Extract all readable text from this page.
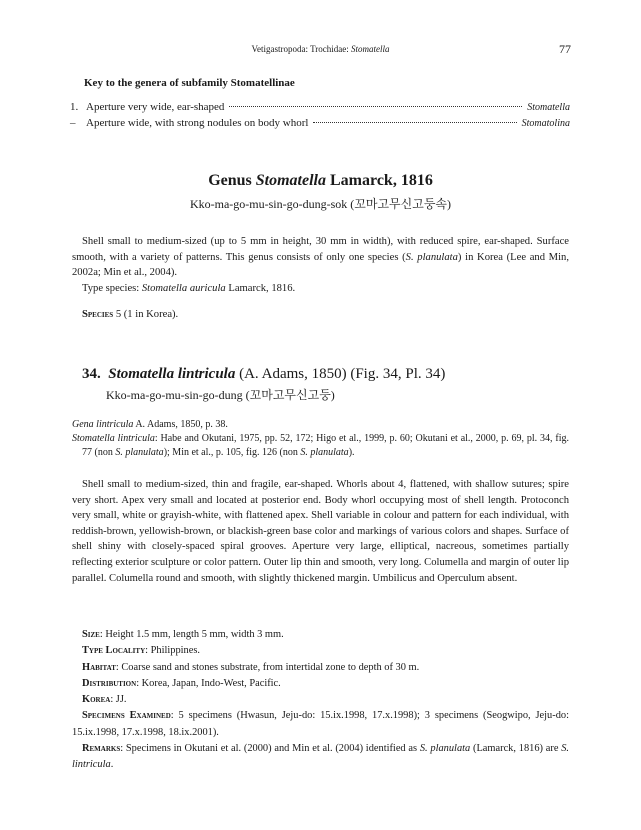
Vetigastropoda: Trochidae: Stomatella	77
Key to the genera of subfamily Stomatellinae
1. Aperture very wide, ear-shaped	Stomatella
– Aperture wide, with strong nodules on body whorl	Stomatolina
Genus Stomatella Lamarck, 1816
Kko-ma-go-mu-sin-go-dung-sok (꼬마고무신고둥속)

Shell small to medium-sized (up to 5 mm in height, 30 mm in width), with reduced spire, ear-shaped. Surface smooth, with a variety of patterns. This genus consists of only one species (S. planulata) in Korea (Lee and Min, 2002a; Min et al., 2004).

Type species: Stomatella auricula Lamarck, 1816.

Species 5 (1 in Korea).

34. Stomatella lintricula (A. Adams, 1850) (Fig. 34, Pl. 34)
Kko-ma-go-mu-sin-go-dung (꼬마고무신고둥)
Gena lintricula A. Adams, 1850, p. 38.
Stomatella lintricula: Habe and Okutani, 1975, pp. 52, 172; Higo et al., 1999, p. 60; Okutani et al., 2000, p. 69, pl. 34, fig. 77 (non S. planulata); Min et al., p. 105, fig. 126 (non S. planulata).

Shell small to medium-sized, thin and fragile, ear-shaped. Whorls about 4, flattened, with shallow sutures; spire very short. Apex very small and located at posterior end. Body whorl occupying most of shell length. Protoconch very small, white or grayish-white, with flattened apex. Shell variable in colour and pattern for each individual, with reddish-brown, yellowish-brown, or blackish-green base color and markings of various colors and shapes. Surface of shell shiny with closely-spaced spiral grooves. Aperture very large, elliptical, nacreous, sometimes partially reflecting exterior sculpture or color pattern. Outer lip thin and smooth, very long. Columella and margin of outer lip parallel. Columella round and smooth, with slightly thickened margin. Umbilicus and Operculum absent.

Size: Height 1.5 mm, length 5 mm, width 3 mm.
Type Locality: Philippines.
Habitat: Coarse sand and stones substrate, from intertidal zone to depth of 30 m.
Distribution: Korea, Japan, Indo-West, Pacific.
Korea: JJ.
Specimens Examined: 5 specimens (Hwasun, Jeju-do: 15.ix.1998, 17.x.1998); 3 specimens (Seogwipo, Jeju-do: 15.ix.1998, 17.x.1998, 18.ix.2001).
Remarks: Specimens in Okutani et al. (2000) and Min et al. (2004) identified as S. planulata (Lamarck, 1816) are S. lintricula.
